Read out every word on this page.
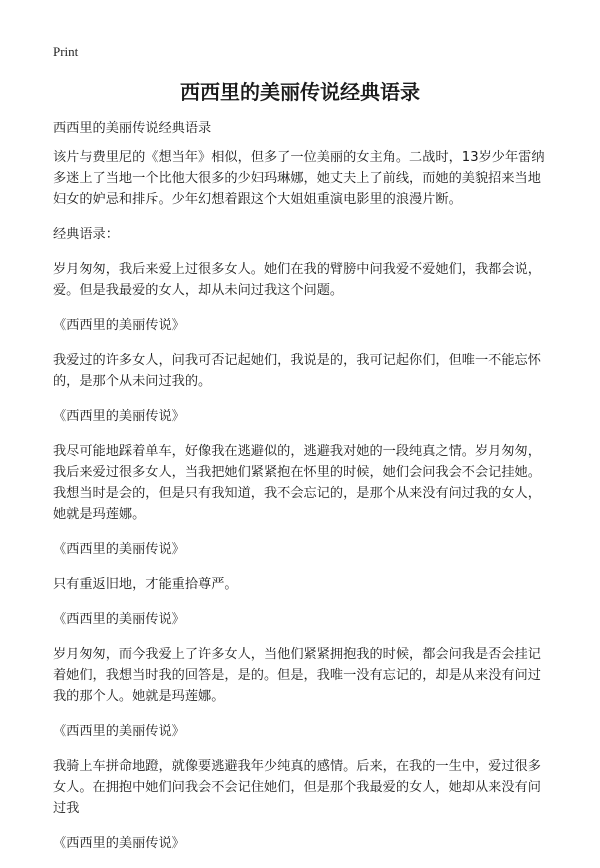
Print
西西里的美丽传说经典语录

西西里的美丽传说经典语录

该片与费里尼的《想当年》相似，但多了一位美丽的女主角。二战时，13岁少年雷纳多迷上了当地一个比他大很多的少妇玛琳娜，她丈夫上了前线，而她的美貌招来当地妇女的妒忌和排斥。少年幻想着跟这个大姐姐重演电影里的浪漫片断。

经典语录：

岁月匆匆，我后来爱上过很多女人。她们在我的臂膀中问我爱不爱她们，我都会说，爱。但是我最爱的女人，却从未问过我这个问题。

《西西里的美丽传说》

我爱过的许多女人，问我可否记起她们，我说是的，我可记起你们，但唯一不能忘怀的，是那个从未问过我的。

《西西里的美丽传说》

我尽可能地踩着单车，好像我在逃避似的，逃避我对她的一段纯真之情。岁月匆匆，我后来爱过很多女人，当我把她们紧紧抱在怀里的时候，她们会问我会不会记挂她。我想当时是会的，但是只有我知道，我不会忘记的，是那个从来没有问过我的女人，她就是玛莲娜。

《西西里的美丽传说》

只有重返旧地，才能重拾尊严。

《西西里的美丽传说》

岁月匆匆，而今我爱上了许多女人，当他们紧紧拥抱我的时候，都会问我是否会挂记着她们，我想当时我的回答是，是的。但是，我唯一没有忘记的，却是从来没有问过我的那个人。她就是玛莲娜。

《西西里的美丽传说》

我骑上车拼命地蹬，就像要逃避我年少纯真的感情。后来，在我的一生中，爱过很多女人。在拥抱中她们问我会不会记住她们，但是那个我最爱的女人，她却从来没有问过我

《西西里的美丽传说》
